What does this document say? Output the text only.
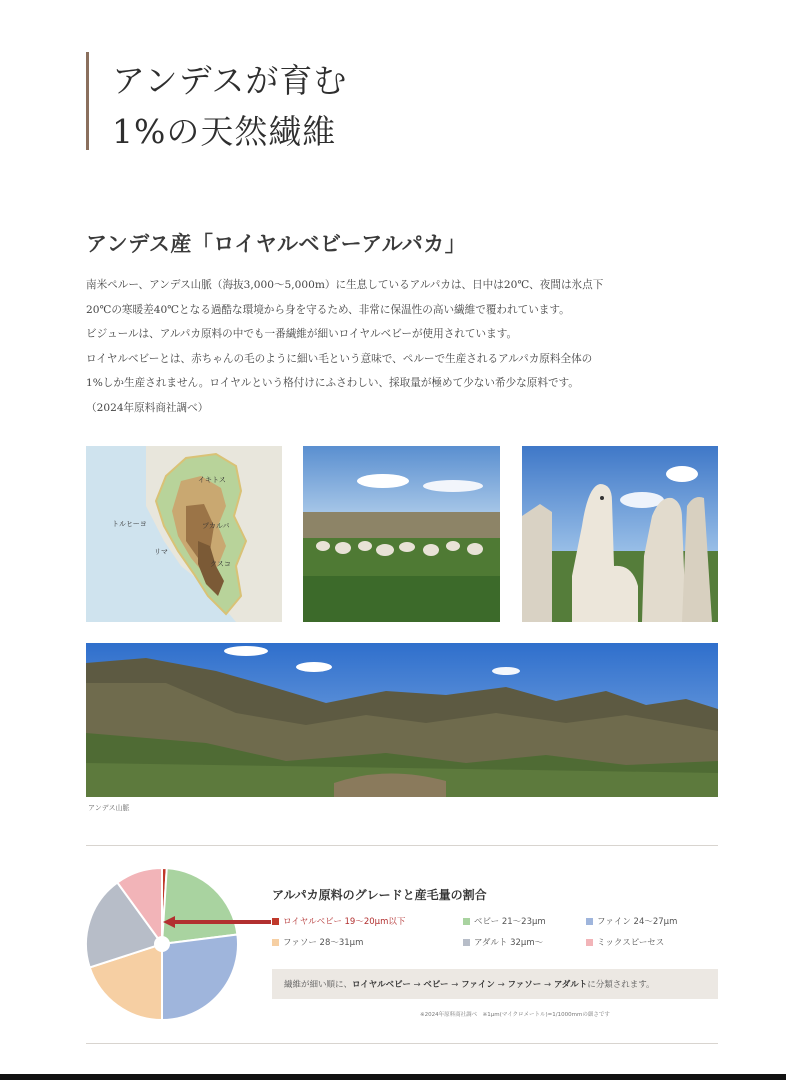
アンデスが育む
1%の天然繊維
アンデス産「ロイヤルベビーアルパカ」

南米ペルー、アンデス山脈（海抜3,000～5,000m）に生息しているアルパカは、日中は20℃、夜間は氷点下

20℃の寒暖差40℃となる過酷な環境から身を守るため、非常に保温性の高い繊維で覆われています。

ビジュールは、アルパカ原料の中でも一番繊維が細いロイヤルベビーが使用されています。

ロイヤルベビーとは、赤ちゃんの毛のように細い毛という意味で、ペルーで生産されるアルパカ原料全体の

1%しか生産されません。ロイヤルという格付けにふさわしい、採取量が極めて少ない希少な原料です。

（2024年原料商社調べ）

イキトス
トルヒーヨ	プカルパ
リマ
クスコ
アンデス山脈
アルパカ原料のグレードと産毛量の割合
ロイヤルベビー 19～20μm以下	ベビー 21～23μm	ファイン 24～27μm
ファソー 28～31μm	アダルト 32μm～	ミックスピーセス
繊維が細い順に、ロイヤルベビー → ベビー → ファイン → ファソー → アダルトに分類されます。
※2024年原料商社調べ　※1μm(マイクロメートル)=1/1000mmの細さです
